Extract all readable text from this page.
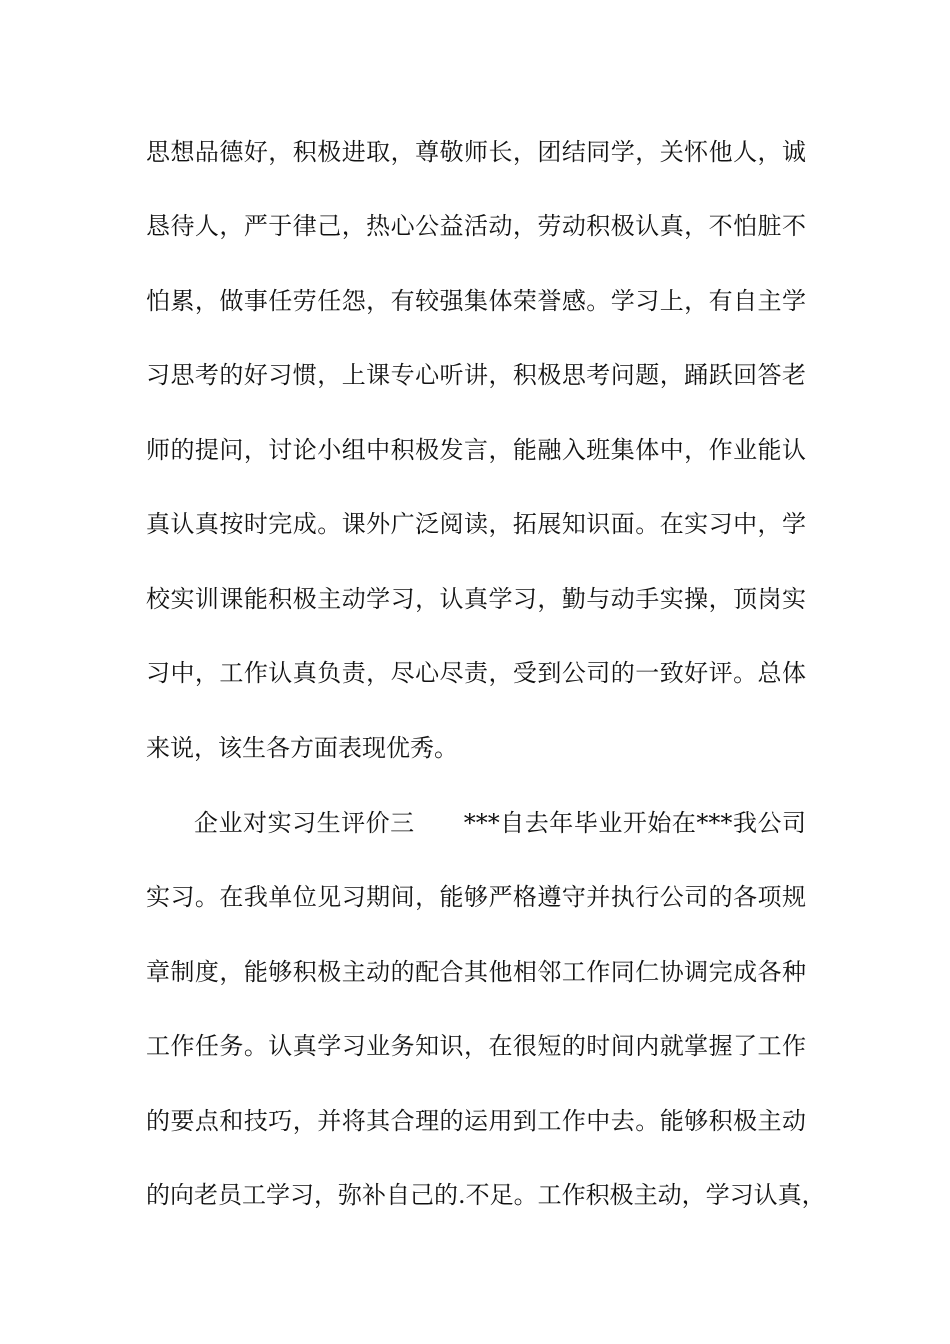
思想品德好，积极进取，尊敬师长，团结同学，关怀他人，诚
恳待人，严于律己，热心公益活动，劳动积极认真，不怕脏不
怕累，做事任劳任怨，有较强集体荣誉感。学习上，有自主学
习思考的好习惯，上课专心听讲，积极思考问题，踊跃回答老
师的提问，讨论小组中积极发言，能融入班集体中，作业能认
真认真按时完成。课外广泛阅读，拓展知识面。在实习中，学
校实训课能积极主动学习，认真学习，勤与动手实操，顶岗实
习中，工作认真负责，尽心尽责，受到公司的一致好评。总体
来说，该生各方面表现优秀。
企业对实习生评价三　　***自去年毕业开始在***我公司
实习。在我单位见习期间，能够严格遵守并执行公司的各项规
章制度，能够积极主动的配合其他相邻工作同仁协调完成各种
工作任务。认真学习业务知识，在很短的时间内就掌握了工作
的要点和技巧，并将其合理的运用到工作中去。能够积极主动
的向老员工学习，弥补自己的.不足。工作积极主动，学习认真，
